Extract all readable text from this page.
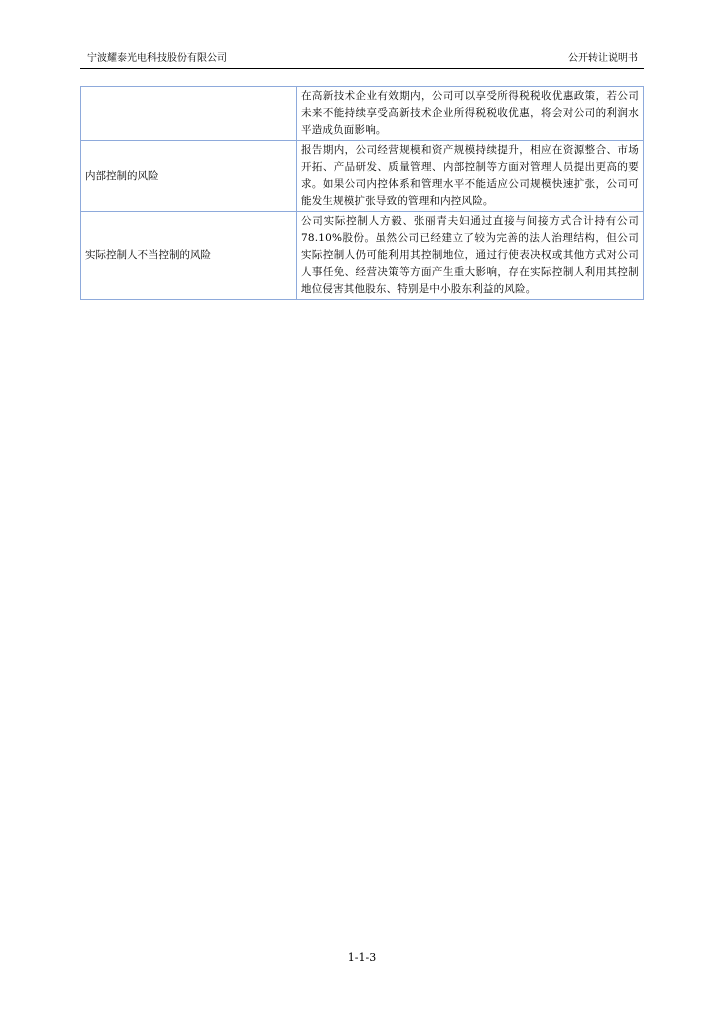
宁波耀泰光电科技股份有限公司	公开转让说明书
	在高新技术企业有效期内，公司可以享受所得税税收优惠政策，若公司未来不能持续享受高新技术企业所得税税收优惠，将会对公司的利润水平造成负面影响。
内部控制的风险	报告期内，公司经营规模和资产规模持续提升，相应在资源整合、市场开拓、产品研发、质量管理、内部控制等方面对管理人员提出更高的要求。如果公司内控体系和管理水平不能适应公司规模快速扩张，公司可能发生规模扩张导致的管理和内控风险。
实际控制人不当控制的风险	公司实际控制人方毅、张丽青夫妇通过直接与间接方式合计持有公司 78.10%股份。虽然公司已经建立了较为完善的法人治理结构，但公司实际控制人仍可能利用其控制地位，通过行使表决权或其他方式对公司人事任免、经营决策等方面产生重大影响，存在实际控制人利用其控制地位侵害其他股东、特别是中小股东利益的风险。
1-1-3
